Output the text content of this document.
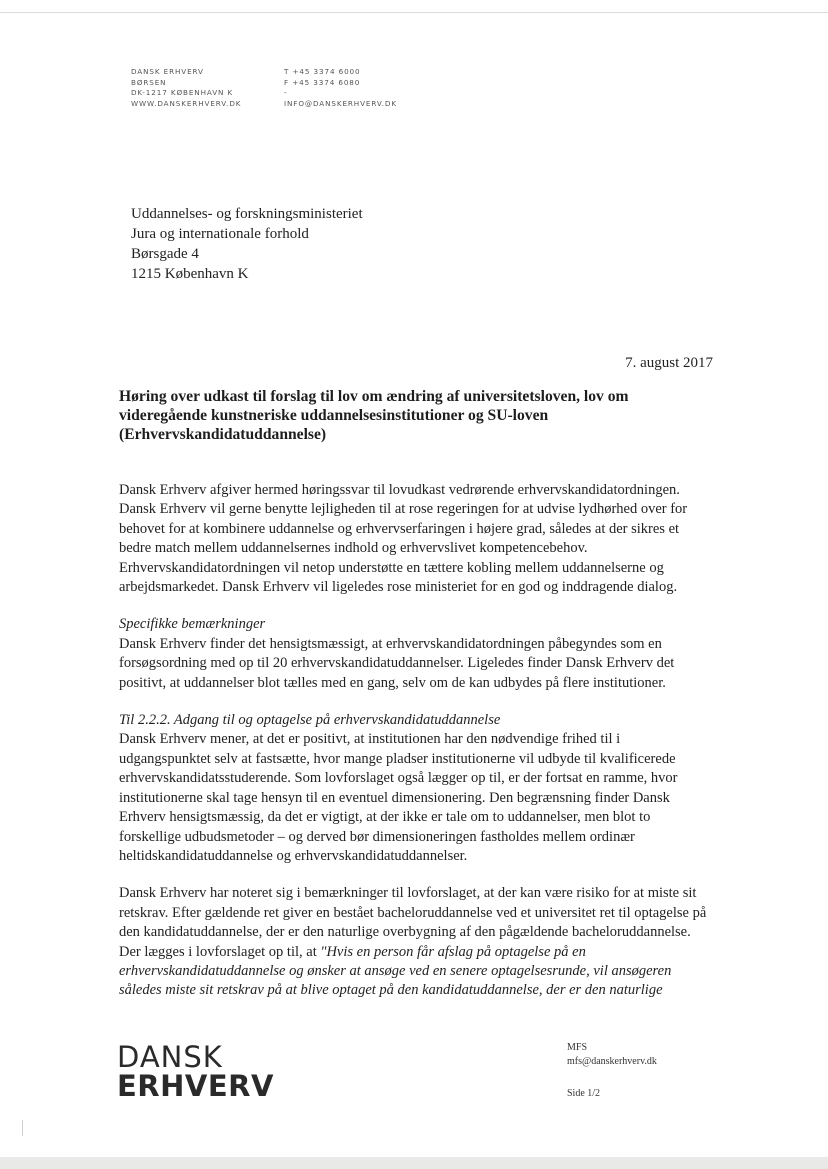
DANSK ERHVERV
BØRSEN
DK-1217 KØBENHAVN K
WWW.DANSKERHVERV.DK
T +45 3374 6000
F +45 3374 6080
-
INFO@DANSKERHVERV.DK
Uddannelses- og forskningsministeriet
Jura og internationale forhold
Børsgade 4
1215 København K
7. august 2017
Høring over udkast til forslag til lov om ændring af universitetsloven, lov om videregående kunstneriske uddannelsesinstitutioner og SU-loven (Erhvervskandidatuddannelse)

Dansk Erhverv afgiver hermed høringssvar til lovudkast vedrørende erhvervskandidatordningen. Dansk Erhverv vil gerne benytte lejligheden til at rose regeringen for at udvise lydhørhed over for behovet for at kombinere uddannelse og erhvervserfaringen i højere grad, således at der sikres et bedre match mellem uddannelsernes indhold og erhvervslivet kompetencebehov. Erhvervskandidatordningen vil netop understøtte en tættere kobling mellem uddannelserne og arbejdsmarkedet. Dansk Erhverv vil ligeledes rose ministeriet for en god og inddragende dialog.

Specifikke bemærkninger
Dansk Erhverv finder det hensigtsmæssigt, at erhvervskandidatordningen påbegyndes som en forsøgsordning med op til 20 erhvervskandidatuddannelser. Ligeledes finder Dansk Erhverv det positivt, at uddannelser blot tælles med en gang, selv om de kan udbydes på flere institutioner.

Til 2.2.2. Adgang til og optagelse på erhvervskandidatuddannelse
Dansk Erhverv mener, at det er positivt, at institutionen har den nødvendige frihed til i udgangspunktet selv at fastsætte, hvor mange pladser institutionerne vil udbyde til kvalificerede erhvervskandidatsstuderende. Som lovforslaget også lægger op til, er der fortsat en ramme, hvor institutionerne skal tage hensyn til en eventuel dimensionering. Den begrænsning finder Dansk Erhverv hensigtsmæssig, da det er vigtigt, at der ikke er tale om to uddannelser, men blot to forskellige udbudsmetoder – og derved bør dimensioneringen fastholdes mellem ordinær heltidskandidatuddannelse og erhvervskandidatuddannelser.

Dansk Erhverv har noteret sig i bemærkninger til lovforslaget, at der kan være risiko for at miste sit retskrav. Efter gældende ret giver en bestået bacheloruddannelse ved et universitet ret til optagelse på den kandidatuddannelse, der er den naturlige overbygning af den pågældende bacheloruddannelse. Der lægges i lovforslaget op til, at "Hvis en person får afslag på optagelse på en erhvervskandidatuddannelse og ønsker at ansøge ved en senere optagelsesrunde, vil ansøgeren således miste sit retskrav på at blive optaget på den kandidatuddannelse, der er den naturlige

DANSK
ERHVERV
MFS
mfs@danskerhverv.dk
Side 1/2
